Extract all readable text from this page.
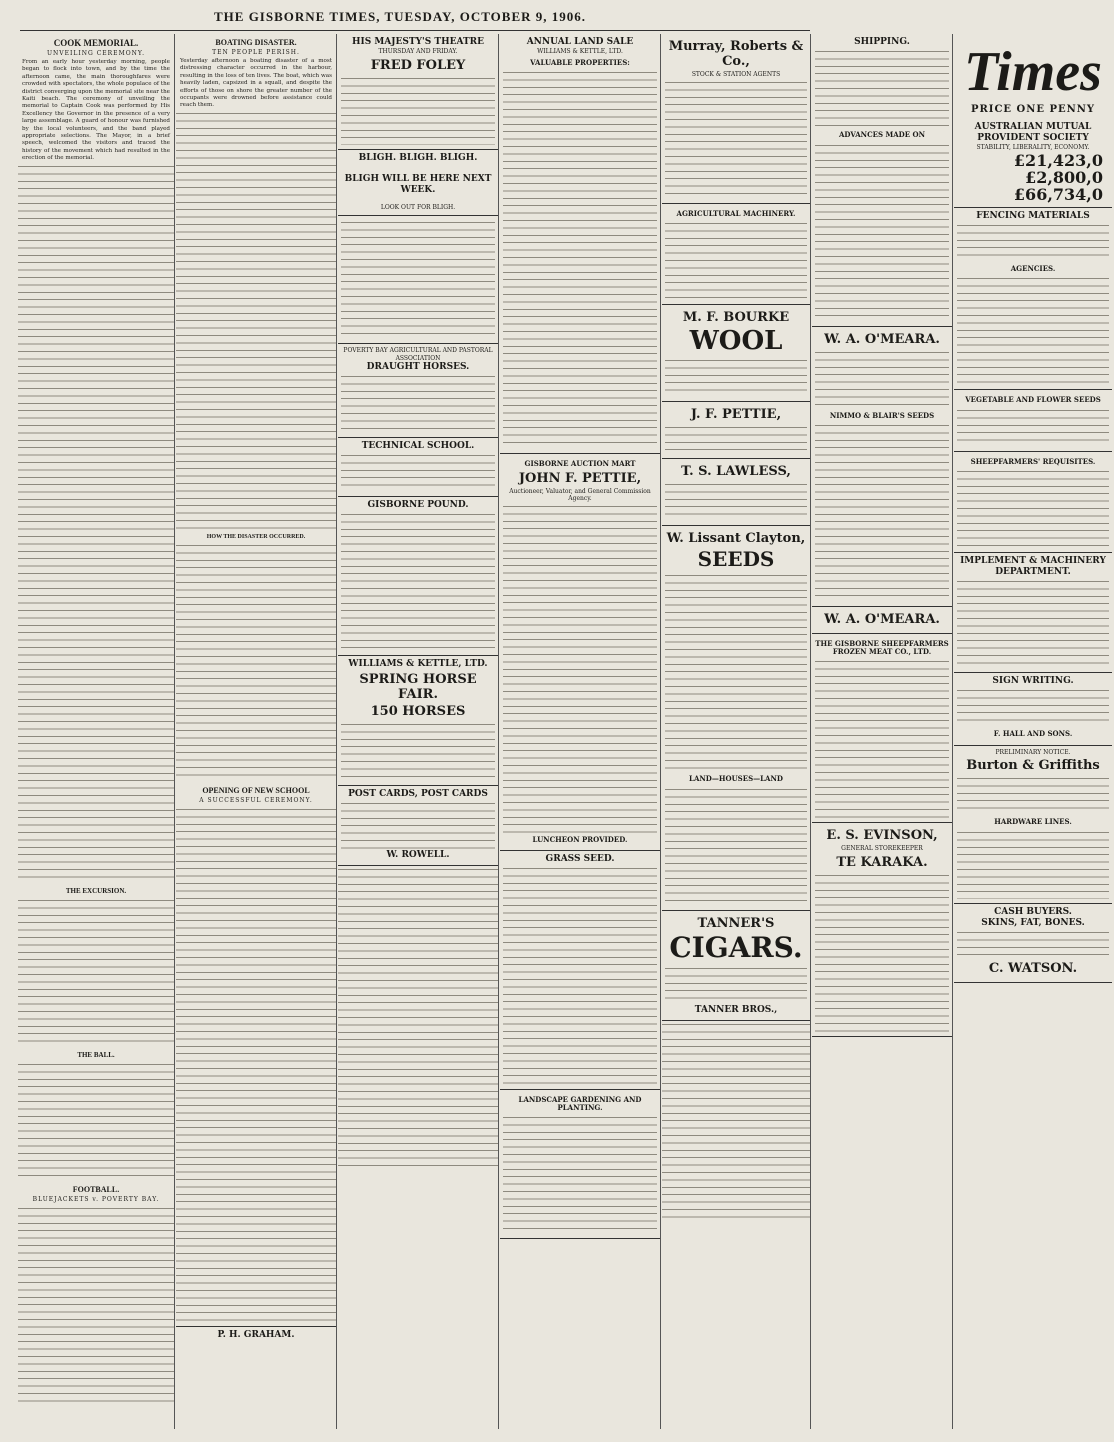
THE GISBORNE TIMES, TUESDAY, OCTOBER 9, 1906.
COOK MEMORIAL.
UNVEILING CEREMONY.
From an early hour yesterday morning, people began to flock into town, and by the time the afternoon came, the main thoroughfares were crowded with spectators, the whole populace of the district converging upon the memorial site near the Kaiti beach. The ceremony of unveiling the memorial to Captain Cook was performed by His Excellency the Governor in the presence of a very large assemblage. A guard of honour was furnished by the local volunteers, and the band played appropriate selections. The Mayor, in a brief speech, welcomed the visitors and traced the history of the movement which had resulted in the erection of the memorial.
THE EXCURSION.
THE BALL.
FOOTBALL.
BLUEJACKETS v. POVERTY BAY.
BOATING DISASTER.
TEN PEOPLE PERISH.
Yesterday afternoon a boating disaster of a most distressing character occurred in the harbour, resulting in the loss of ten lives. The boat, which was heavily laden, capsized in a squall, and despite the efforts of those on shore the greater number of the occupants were drowned before assistance could reach them.
HOW THE DISASTER OCCURRED.
OPENING OF NEW SCHOOL
A SUCCESSFUL CEREMONY.
P. H. GRAHAM.
HIS MAJESTY'S THEATRE
THURSDAY AND FRIDAY.
FRED FOLEY
BLIGH. BLIGH. BLIGH.
BLIGH WILL BE HERE NEXT WEEK.
LOOK OUT FOR BLIGH.
POVERTY BAY AGRICULTURAL AND PASTORAL ASSOCIATION
DRAUGHT HORSES.
TECHNICAL SCHOOL.
GISBORNE POUND.
WILLIAMS & KETTLE, LTD.
SPRING HORSE FAIR.
150 HORSES
POST CARDS, POST CARDS
W. ROWELL.
ANNUAL LAND SALE
WILLIAMS & KETTLE, LTD.
VALUABLE PROPERTIES:
GISBORNE AUCTION MART
JOHN F. PETTIE,
Auctioneer, Valuator, and General Commission Agency.
LUNCHEON PROVIDED.
GRASS SEED.
LANDSCAPE GARDENING AND PLANTING.
Murray, Roberts & Co.,
STOCK & STATION AGENTS
AGRICULTURAL MACHINERY.
M. F. BOURKE
WOOL
J. F. PETTIE,
T. S. LAWLESS,
W. Lissant Clayton,
SEEDS
LAND—HOUSES—LAND
TANNER'S
CIGARS.
TANNER BROS.,
SHIPPING.
ADVANCES MADE ON
W. A. O'MEARA.
NIMMO & BLAIR'S SEEDS
W. A. O'MEARA.
THE GISBORNE SHEEPFARMERS FROZEN MEAT CO., LTD.
E. S. EVINSON,
GENERAL STOREKEEPER
TE KARAKA.
Times
PRICE ONE PENNY
AUSTRALIAN MUTUAL PROVIDENT SOCIETY
STABILITY, LIBERALITY, ECONOMY.
£21,423,0
£2,800,0
£66,734,0
FENCING MATERIALS
AGENCIES.
VEGETABLE AND FLOWER SEEDS
SHEEPFARMERS' REQUISITES.
IMPLEMENT & MACHINERY DEPARTMENT.
SIGN WRITING.
F. HALL AND SONS.
PRELIMINARY NOTICE.
Burton & Griffiths
HARDWARE LINES.
CASH BUYERS.
SKINS, FAT, BONES.
C. WATSON.
